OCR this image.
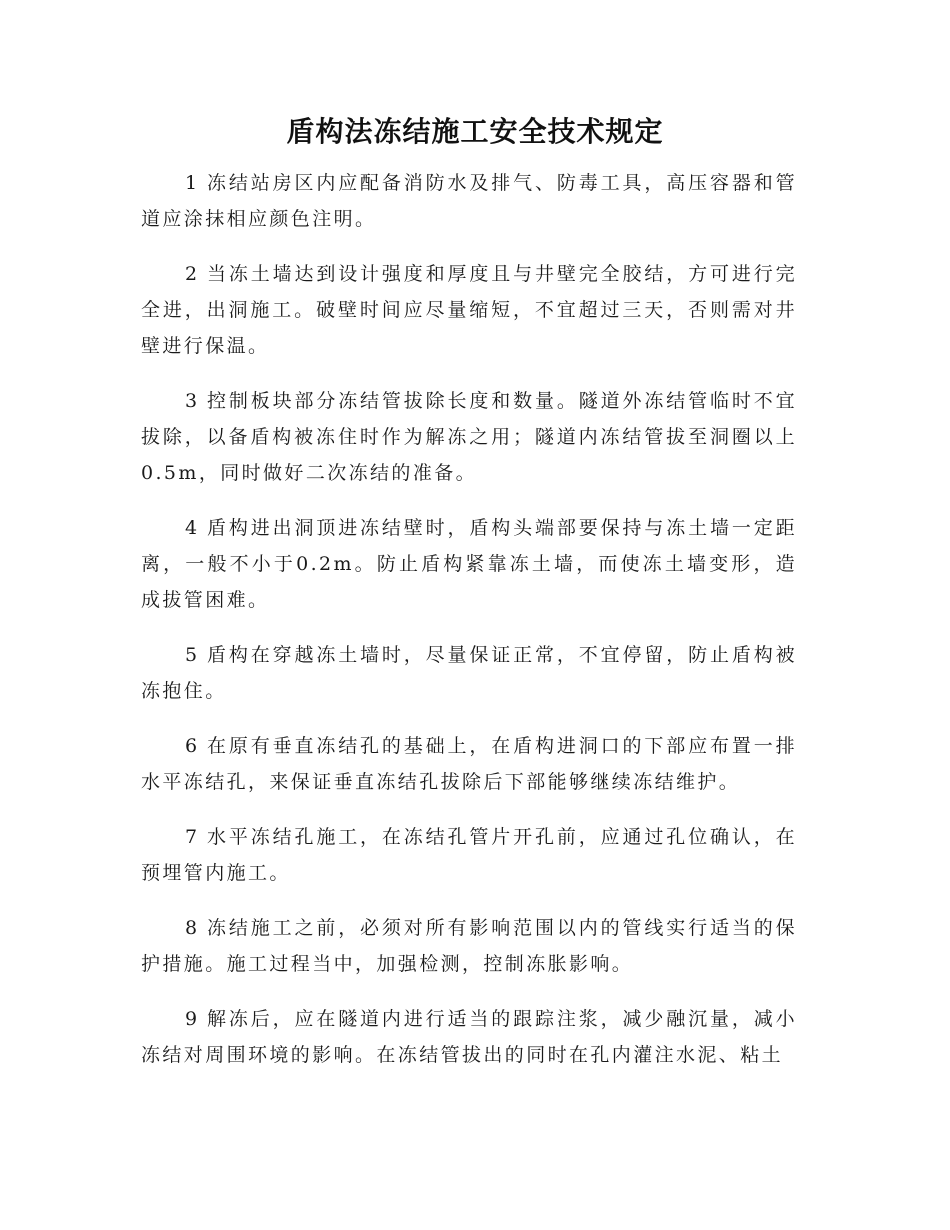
盾构法冻结施工安全技术规定

1 冻结站房区内应配备消防水及排气、防毒工具，高压容器和管道应涂抹相应颜色注明。

2 当冻土墙达到设计强度和厚度且与井壁完全胶结，方可进行完全进，出洞施工。破壁时间应尽量缩短，不宜超过三天，否则需对井壁进行保温。

3 控制板块部分冻结管拔除长度和数量。隧道外冻结管临时不宜拔除，以备盾构被冻住时作为解冻之用；隧道内冻结管拔至洞圈以上0.5m，同时做好二次冻结的准备。

4 盾构进出洞顶进冻结壁时，盾构头端部要保持与冻土墙一定距离，一般不小于0.2m。防止盾构紧靠冻土墙，而使冻土墙变形，造成拔管困难。

5 盾构在穿越冻土墙时，尽量保证正常，不宜停留，防止盾构被冻抱住。

6 在原有垂直冻结孔的基础上，在盾构进洞口的下部应布置一排水平冻结孔，来保证垂直冻结孔拔除后下部能够继续冻结维护。

7 水平冻结孔施工，在冻结孔管片开孔前，应通过孔位确认，在预埋管内施工。

8 冻结施工之前，必须对所有影响范围以内的管线实行适当的保护措施。施工过程当中，加强检测，控制冻胀影响。

9 解冻后，应在隧道内进行适当的跟踪注浆，减少融沉量，减小冻结对周围环境的影响。在冻结管拔出的同时在孔内灌注水泥、粘土
